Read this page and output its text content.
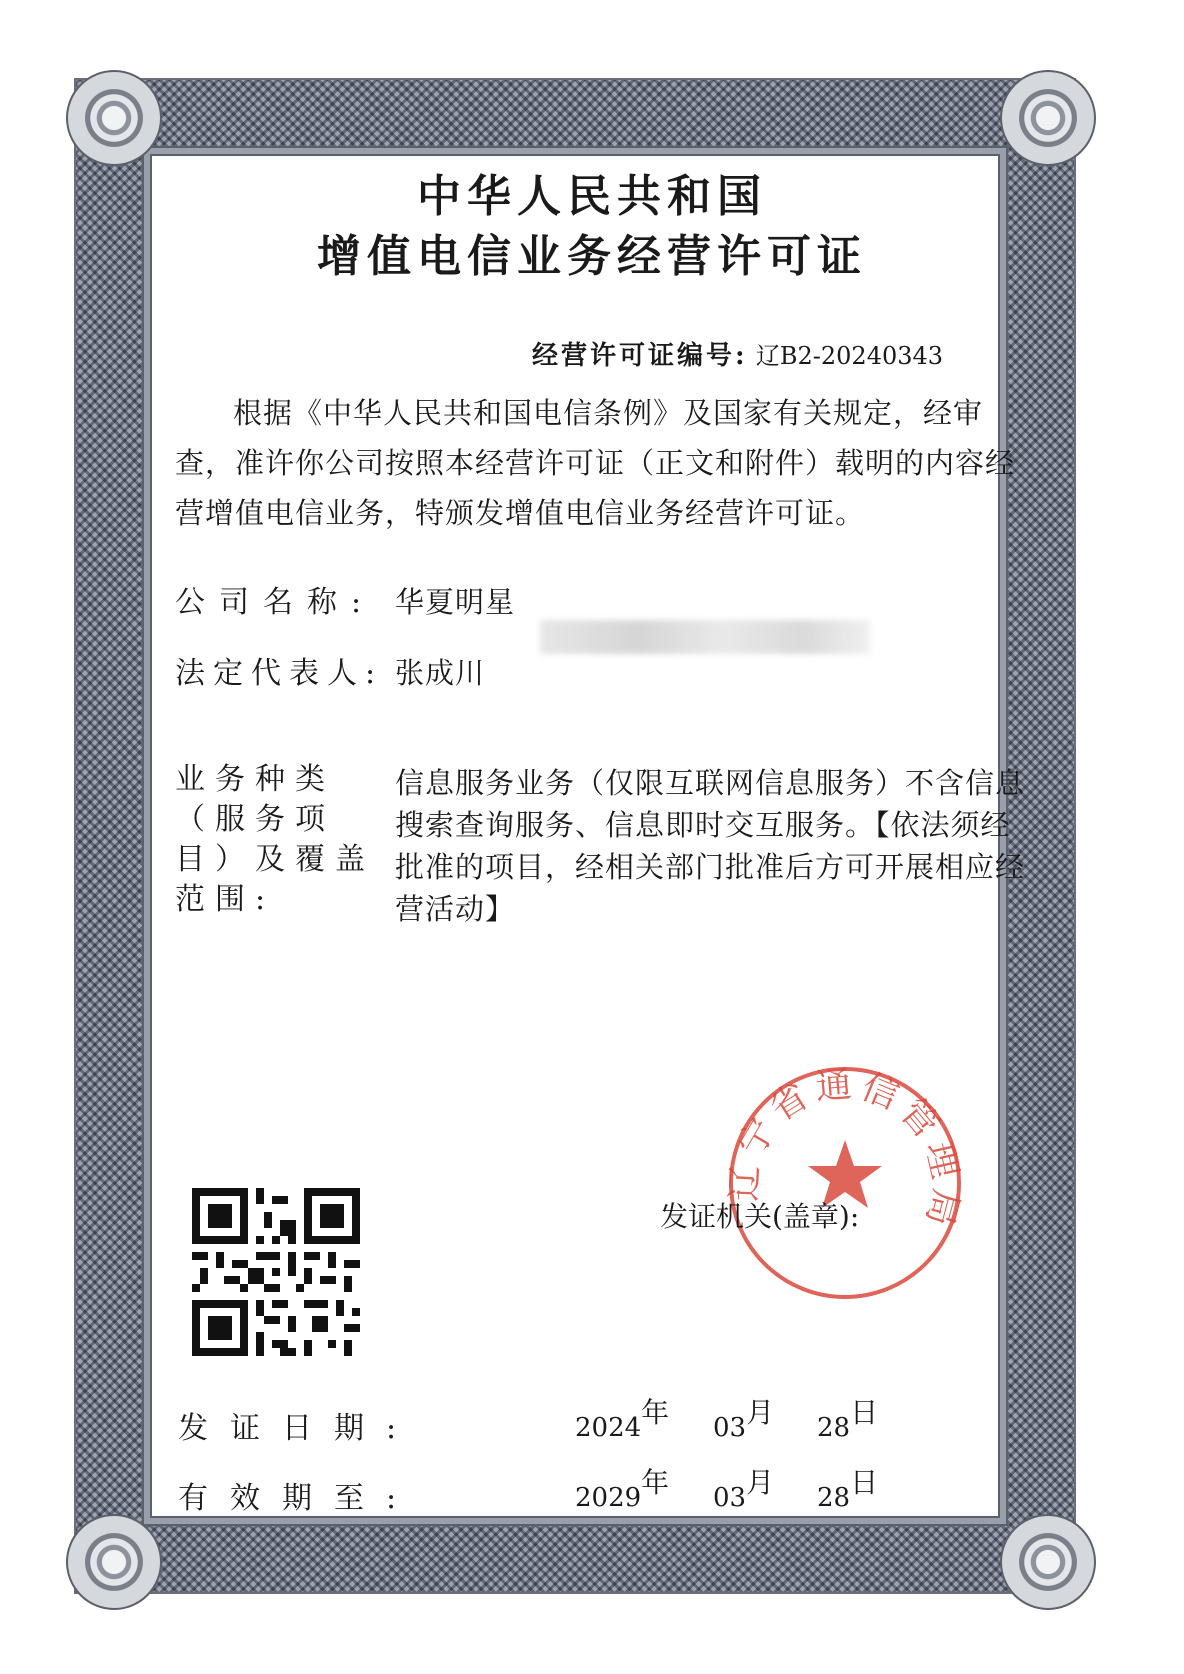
中华人民共和国
增值电信业务经营许可证
经营许可证编号: 辽B2-20240343
根据《中华人民共和国电信条例》及国家有关规定，经审查，准许你公司按照本经营许可证（正文和附件）载明的内容经营增值电信业务，特颁发增值电信业务经营许可证。
公司名称: 华夏明星
法定代表人: 张成川
业务种类（服务项目）及覆盖范围:
信息服务业务（仅限互联网信息服务）不含信息搜索查询服务、信息即时交互服务。【依法须经批准的项目，经相关部门批准后方可开展相应经营活动】
辽宁省通信管理局
发证机关(盖章):
发证日期:	2024年 03月 28日
有效期至:	2029年 03月 28日
